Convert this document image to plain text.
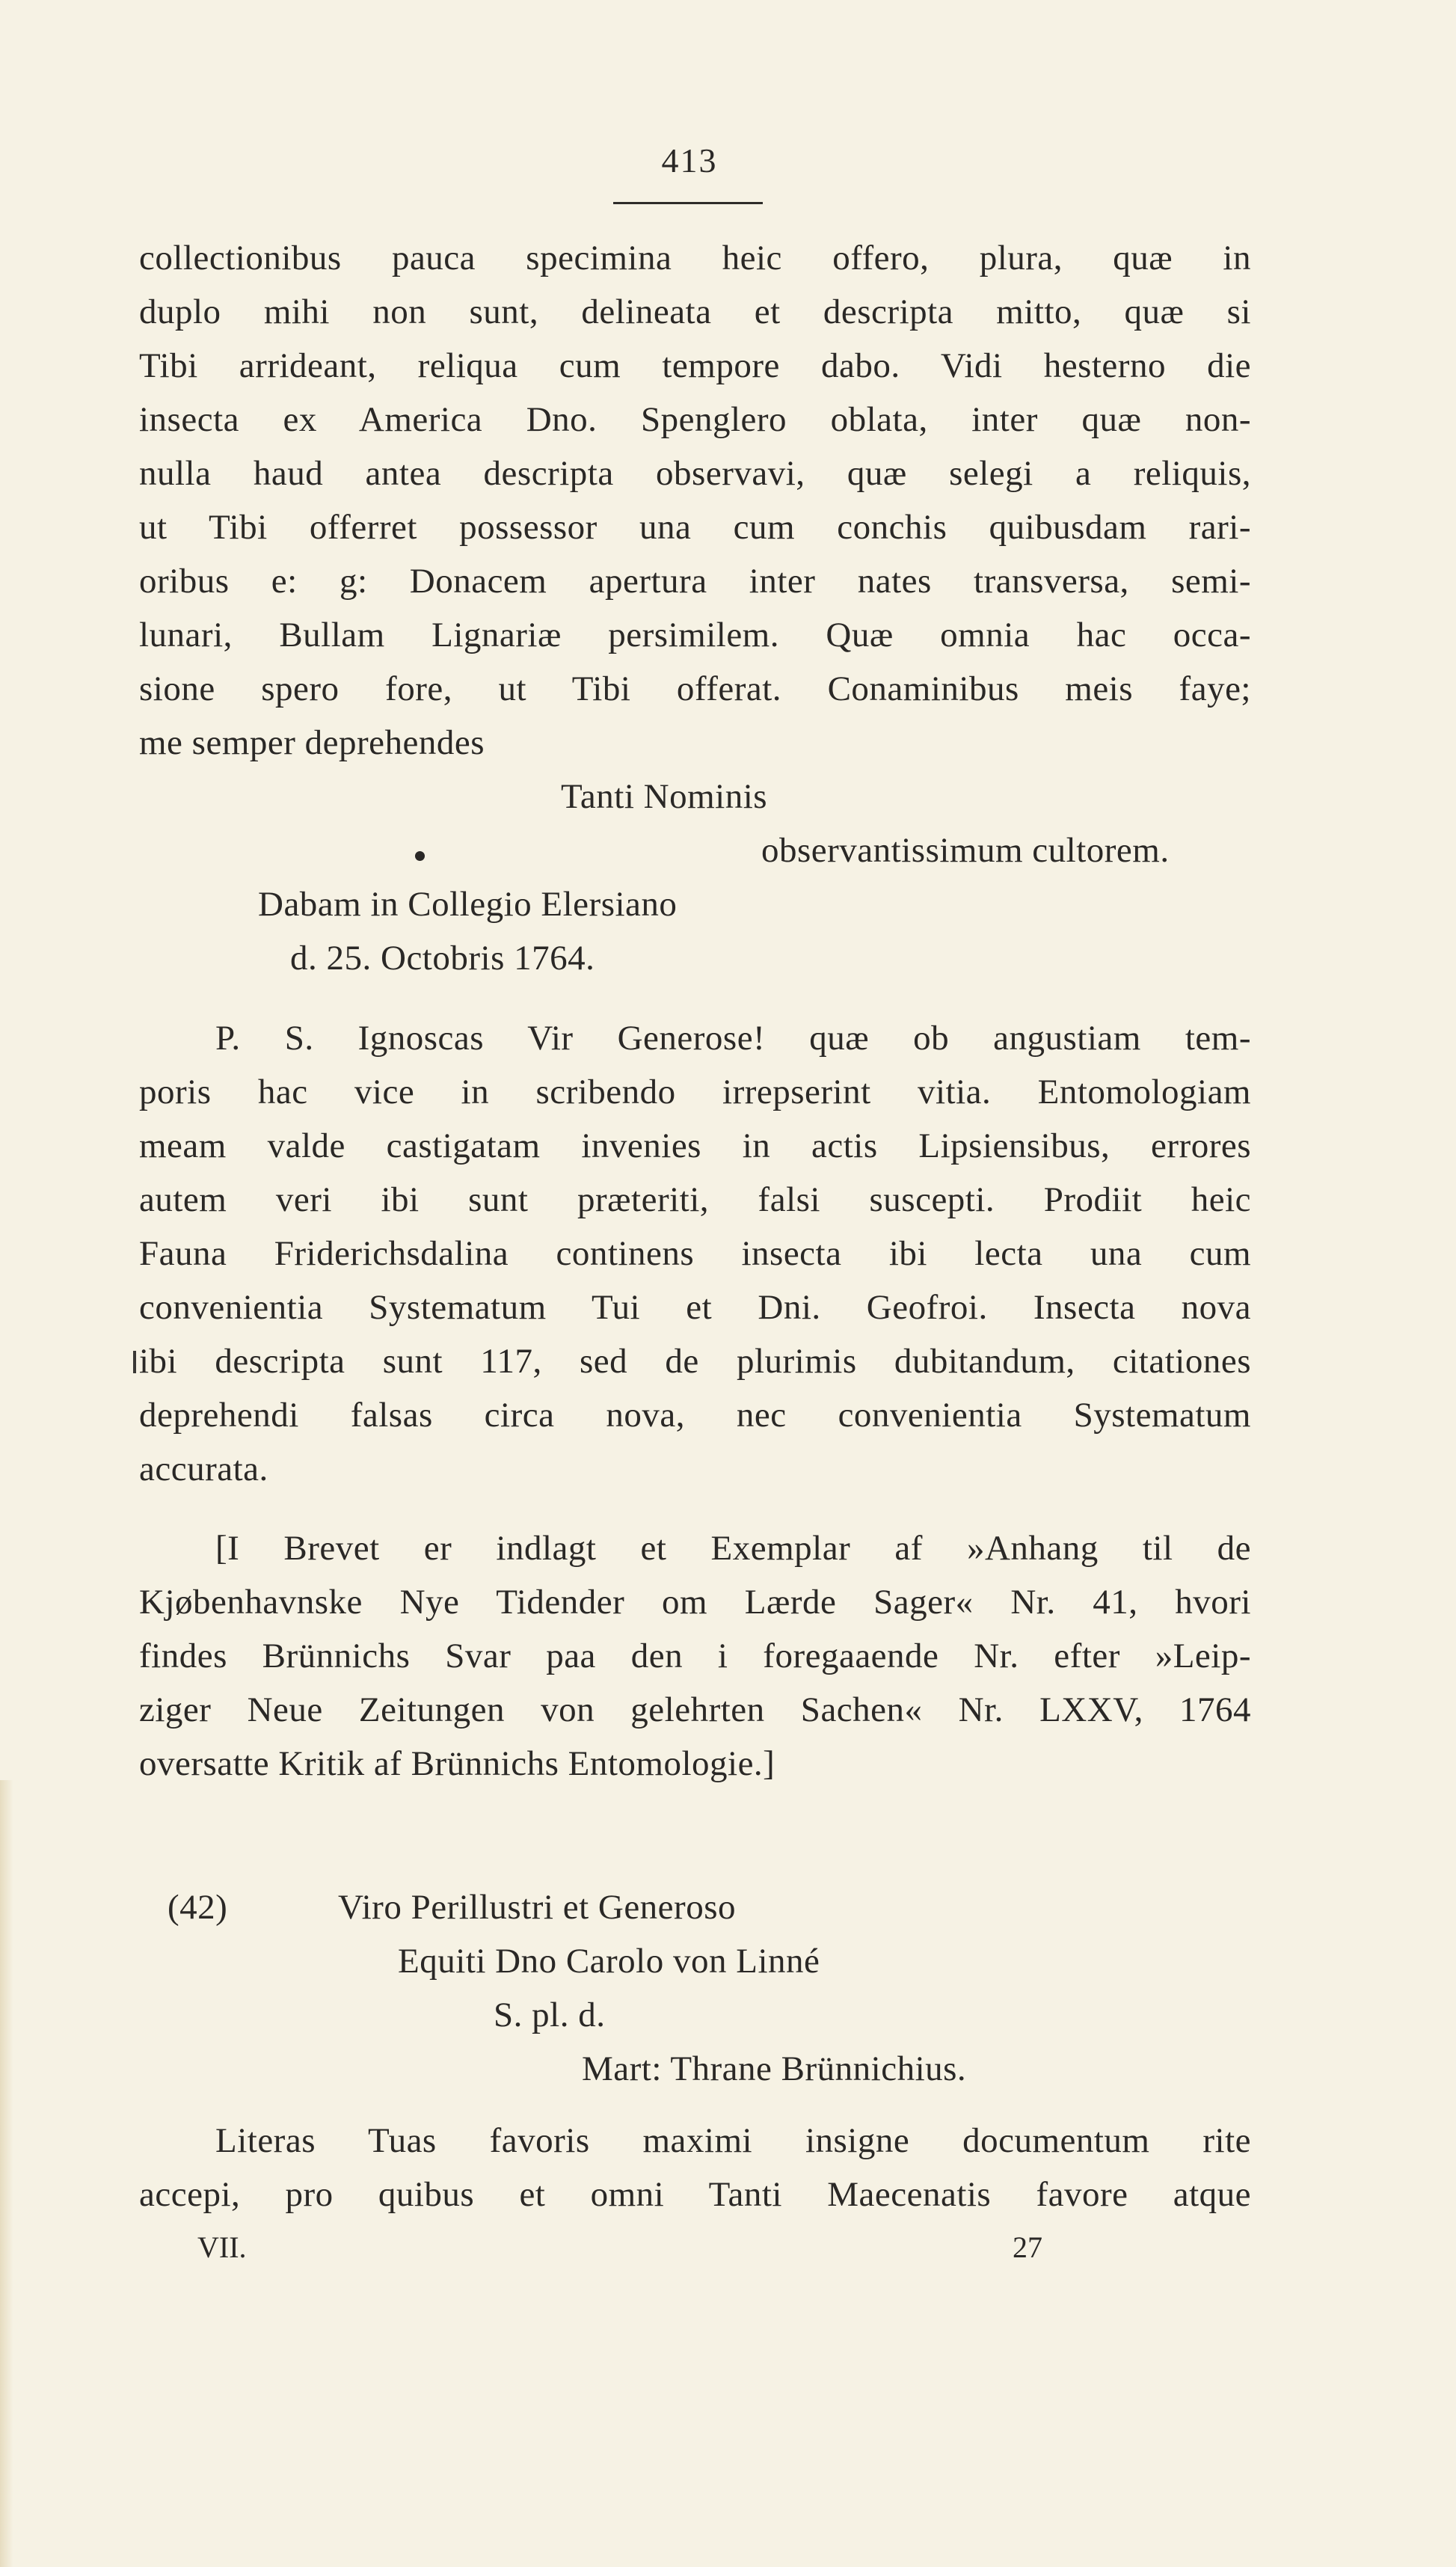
413
collectionibus pauca specimina heic offero, plura, quæ in
duplo mihi non sunt, delineata et descripta mitto, quæ si
Tibi arrideant, reliqua cum tempore dabo. Vidi hesterno die
insecta ex America Dno. Spenglero oblata, inter quæ non-
nulla haud antea descripta observavi, quæ selegi a reliquis,
ut Tibi offerret possessor una cum conchis quibusdam rari-
oribus e: g: Donacem apertura inter nates transversa, semi-
lunari, Bullam Lignariæ persimilem. Quæ omnia hac occa-
sione spero fore, ut Tibi offerat. Conaminibus meis faye;
me semper deprehendes
Tanti Nominis
observantissimum cultorem.
Dabam in Collegio Elersiano
d. 25. Octobris 1764.
P. S. Ignoscas Vir Generose! quæ ob angustiam tem-
poris hac vice in scribendo irrepserint vitia. Entomologiam
meam valde castigatam invenies in actis Lipsiensibus, errores
autem veri ibi sunt præteriti, falsi suscepti. Prodiit heic
Fauna Friderichsdalina continens insecta ibi lecta una cum
convenientia Systematum Tui et Dni. Geofroi. Insecta nova
ibi descripta sunt 117, sed de plurimis dubitandum, citationes
deprehendi falsas circa nova, nec convenientia Systematum
accurata.
[I Brevet er indlagt et Exemplar af »Anhang til de
Kjøbenhavnske Nye Tidender om Lærde Sager« Nr. 41, hvori
findes Brünnichs Svar paa den i foregaaende Nr. efter »Leip-
ziger Neue Zeitungen von gelehrten Sachen« Nr. LXXV, 1764
oversatte Kritik af Brünnichs Entomologie.]
(42)	Viro Perillustri et Generoso
Equiti Dno Carolo von Linné
S. pl. d.
Mart: Thrane Brünnichius.
Literas Tuas favoris maximi insigne documentum rite
accepi, pro quibus et omni Tanti Maecenatis favore atque
VII.	27
